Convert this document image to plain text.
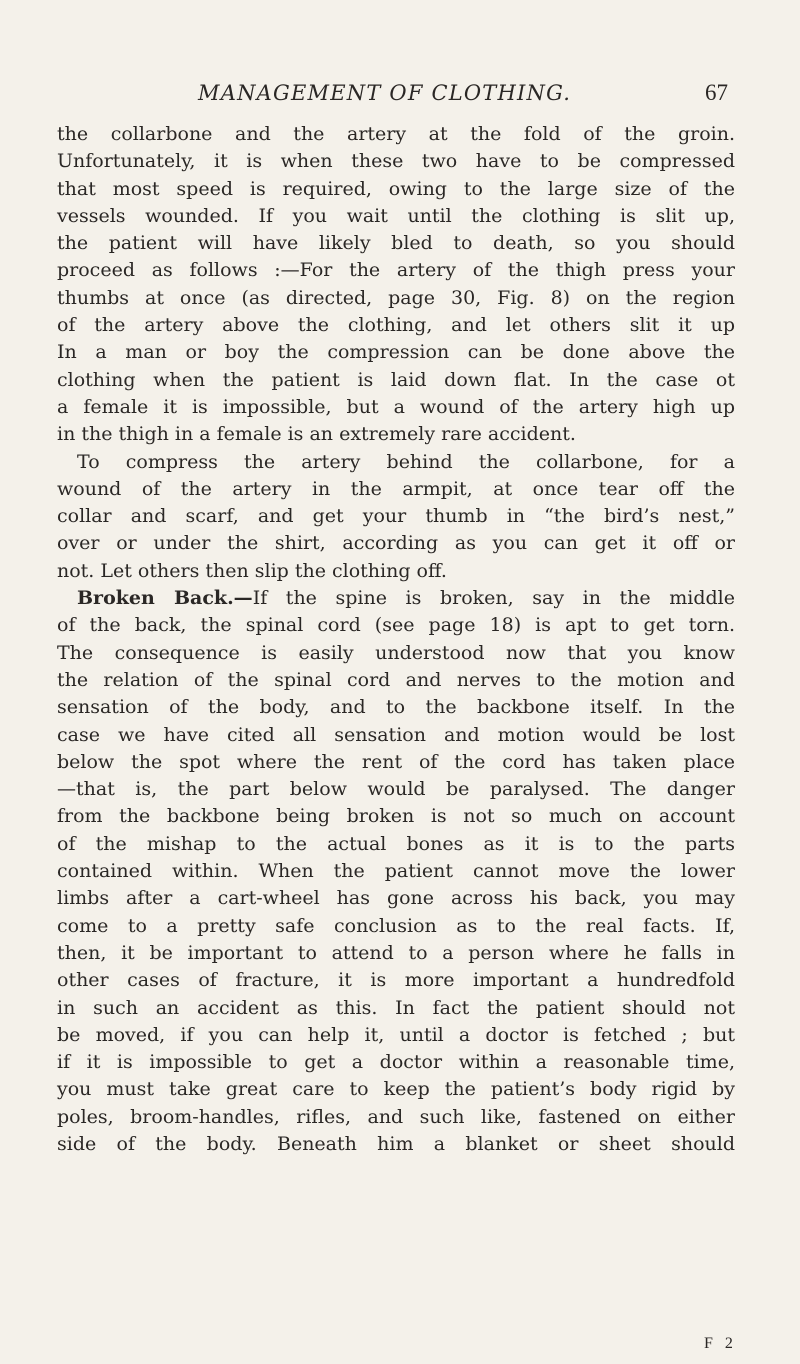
MANAGEMENT OF CLOTHING.	67
the collarbone and the artery at the fold of the groin.
Unfortunately, it is when these two have to be compressed
that most speed is required, owing to the large size of the
vessels wounded. If you wait until the clothing is slit up,
the patient will have likely bled to death, so you should
proceed as follows :—For the artery of the thigh press your
thumbs at once (as directed, page 30, Fig. 8) on the region
of the artery above the clothing, and let others slit it up
In a man or boy the compression can be done above the
clothing when the patient is laid down flat. In the case ot
a female it is impossible, but a wound of the artery high up
in the thigh in a female is an extremely rare accident.
To compress the artery behind the collarbone, for a
wound of the artery in the armpit, at once tear off the
collar and scarf, and get your thumb in “the bird’s nest,”
over or under the shirt, according as you can get it off or
not. Let others then slip the clothing off.
Broken Back.—If the spine is broken, say in the middle
of the back, the spinal cord (see page 18) is apt to get torn.
The consequence is easily understood now that you know
the relation of the spinal cord and nerves to the motion and
sensation of the body, and to the backbone itself. In the
case we have cited all sensation and motion would be lost
below the spot where the rent of the cord has taken place
—that is, the part below would be paralysed. The danger
from the backbone being broken is not so much on account
of the mishap to the actual bones as it is to the parts
contained within. When the patient cannot move the lower
limbs after a cart-wheel has gone across his back, you may
come to a pretty safe conclusion as to the real facts. If,
then, it be important to attend to a person where he falls in
other cases of fracture, it is more important a hundredfold
in such an accident as this. In fact the patient should not
be moved, if you can help it, until a doctor is fetched ; but
if it is impossible to get a doctor within a reasonable time,
you must take great care to keep the patient’s body rigid by
poles, broom-handles, rifles, and such like, fastened on either
side of the body. Beneath him a blanket or sheet should
F 2
